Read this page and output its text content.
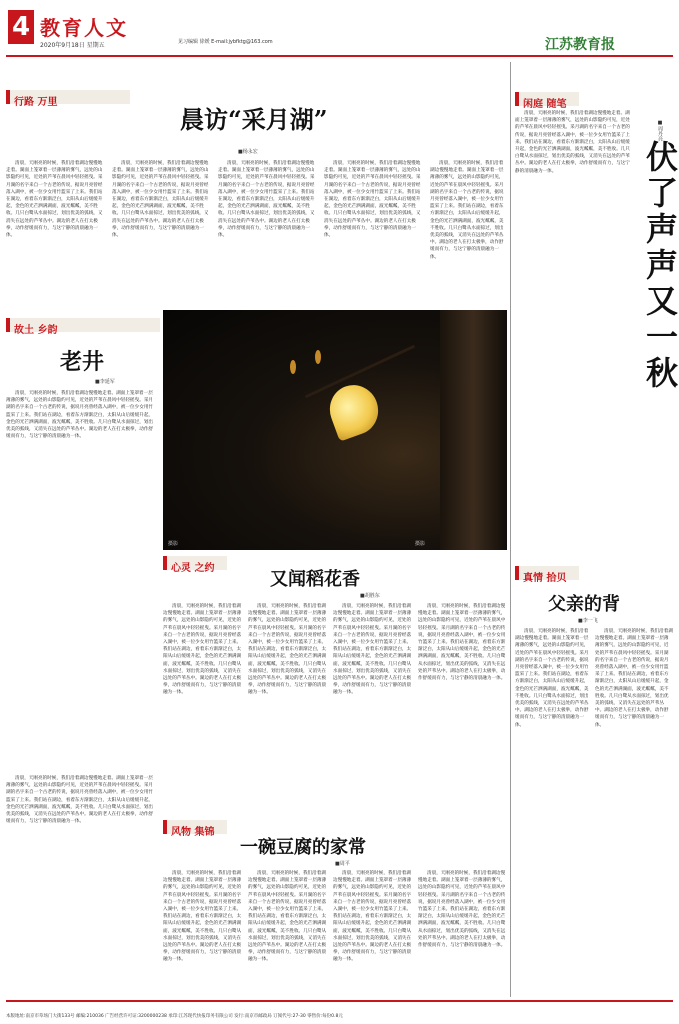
4 教育人文
2020年9月18日 星期五	见习编辑 徐媛 E-mail:jybfktg@163.com	江苏教育报
行路 万里
晨访“采月湖”
■杨永宏
清晨，天刚亮的时候，我们沿着湖边慢慢地走着。湖面上笼罩着一层薄薄的雾气，远处的山影隐约可见，近处的芦苇在晨风中轻轻摇曳。采月湖的名字来自一个古老的传说，据说月亮曾经落入湖中，被一位少女用竹篮采了上来。我们站在湖边，看着东方渐渐泛白，太阳从山后缓缓升起，金色的光芒洒满湖面，波光粼粼，美不胜收。几只白鹭从水面掠过，划出优美的弧线，又消失在远处的芦苇丛中。湖边的老人在打太极拳，动作舒缓而有力，与这宁静的清晨融为一体。
清晨，天刚亮的时候，我们沿着湖边慢慢地走着。湖面上笼罩着一层薄薄的雾气，远处的山影隐约可见，近处的芦苇在晨风中轻轻摇曳。采月湖的名字来自一个古老的传说，据说月亮曾经落入湖中，被一位少女用竹篮采了上来。我们站在湖边，看着东方渐渐泛白，太阳从山后缓缓升起，金色的光芒洒满湖面，波光粼粼，美不胜收。几只白鹭从水面掠过，划出优美的弧线，又消失在远处的芦苇丛中。湖边的老人在打太极拳，动作舒缓而有力，与这宁静的清晨融为一体。
清晨，天刚亮的时候，我们沿着湖边慢慢地走着。湖面上笼罩着一层薄薄的雾气，远处的山影隐约可见，近处的芦苇在晨风中轻轻摇曳。采月湖的名字来自一个古老的传说，据说月亮曾经落入湖中，被一位少女用竹篮采了上来。我们站在湖边，看着东方渐渐泛白，太阳从山后缓缓升起，金色的光芒洒满湖面，波光粼粼，美不胜收。几只白鹭从水面掠过，划出优美的弧线，又消失在远处的芦苇丛中。湖边的老人在打太极拳，动作舒缓而有力，与这宁静的清晨融为一体。
清晨，天刚亮的时候，我们沿着湖边慢慢地走着。湖面上笼罩着一层薄薄的雾气，远处的山影隐约可见，近处的芦苇在晨风中轻轻摇曳。采月湖的名字来自一个古老的传说，据说月亮曾经落入湖中，被一位少女用竹篮采了上来。我们站在湖边，看着东方渐渐泛白，太阳从山后缓缓升起，金色的光芒洒满湖面，波光粼粼，美不胜收。几只白鹭从水面掠过，划出优美的弧线，又消失在远处的芦苇丛中。湖边的老人在打太极拳，动作舒缓而有力，与这宁静的清晨融为一体。
清晨，天刚亮的时候，我们沿着湖边慢慢地走着。湖面上笼罩着一层薄薄的雾气，远处的山影隐约可见，近处的芦苇在晨风中轻轻摇曳。采月湖的名字来自一个古老的传说，据说月亮曾经落入湖中，被一位少女用竹篮采了上来。我们站在湖边，看着东方渐渐泛白，太阳从山后缓缓升起，金色的光芒洒满湖面，波光粼粼，美不胜收。几只白鹭从水面掠过，划出优美的弧线，又消失在远处的芦苇丛中。湖边的老人在打太极拳，动作舒缓而有力，与这宁静的清晨融为一体。
故土 乡韵
老井
■李延军
清晨，天刚亮的时候，我们沿着湖边慢慢地走着。湖面上笼罩着一层薄薄的雾气，远处的山影隐约可见，近处的芦苇在晨风中轻轻摇曳。采月湖的名字来自一个古老的传说，据说月亮曾经落入湖中，被一位少女用竹篮采了上来。我们站在湖边，看着东方渐渐泛白，太阳从山后缓缓升起，金色的光芒洒满湖面，波光粼粼，美不胜收。几只白鹭从水面掠过，划出优美的弧线，又消失在远处的芦苇丛中。湖边的老人在打太极拳，动作舒缓而有力，与这宁静的清晨融为一体。
摄影	摄影
心灵 之约
又闻稻花香
■胡胜东
清晨，天刚亮的时候，我们沿着湖边慢慢地走着。湖面上笼罩着一层薄薄的雾气，远处的山影隐约可见，近处的芦苇在晨风中轻轻摇曳。采月湖的名字来自一个古老的传说，据说月亮曾经落入湖中，被一位少女用竹篮采了上来。我们站在湖边，看着东方渐渐泛白，太阳从山后缓缓升起，金色的光芒洒满湖面，波光粼粼，美不胜收。几只白鹭从水面掠过，划出优美的弧线，又消失在远处的芦苇丛中。湖边的老人在打太极拳，动作舒缓而有力，与这宁静的清晨融为一体。
清晨，天刚亮的时候，我们沿着湖边慢慢地走着。湖面上笼罩着一层薄薄的雾气，远处的山影隐约可见，近处的芦苇在晨风中轻轻摇曳。采月湖的名字来自一个古老的传说，据说月亮曾经落入湖中，被一位少女用竹篮采了上来。我们站在湖边，看着东方渐渐泛白，太阳从山后缓缓升起，金色的光芒洒满湖面，波光粼粼，美不胜收。几只白鹭从水面掠过，划出优美的弧线，又消失在远处的芦苇丛中。湖边的老人在打太极拳，动作舒缓而有力，与这宁静的清晨融为一体。
清晨，天刚亮的时候，我们沿着湖边慢慢地走着。湖面上笼罩着一层薄薄的雾气，远处的山影隐约可见，近处的芦苇在晨风中轻轻摇曳。采月湖的名字来自一个古老的传说，据说月亮曾经落入湖中，被一位少女用竹篮采了上来。我们站在湖边，看着东方渐渐泛白，太阳从山后缓缓升起，金色的光芒洒满湖面，波光粼粼，美不胜收。几只白鹭从水面掠过，划出优美的弧线，又消失在远处的芦苇丛中。湖边的老人在打太极拳，动作舒缓而有力，与这宁静的清晨融为一体。
清晨，天刚亮的时候，我们沿着湖边慢慢地走着。湖面上笼罩着一层薄薄的雾气，远处的山影隐约可见，近处的芦苇在晨风中轻轻摇曳。采月湖的名字来自一个古老的传说，据说月亮曾经落入湖中，被一位少女用竹篮采了上来。我们站在湖边，看着东方渐渐泛白，太阳从山后缓缓升起，金色的光芒洒满湖面，波光粼粼，美不胜收。几只白鹭从水面掠过，划出优美的弧线，又消失在远处的芦苇丛中。湖边的老人在打太极拳，动作舒缓而有力，与这宁静的清晨融为一体。
风物 集锦
一碗豆腐的家常
■周平
清晨，天刚亮的时候，我们沿着湖边慢慢地走着。湖面上笼罩着一层薄薄的雾气，远处的山影隐约可见，近处的芦苇在晨风中轻轻摇曳。采月湖的名字来自一个古老的传说，据说月亮曾经落入湖中，被一位少女用竹篮采了上来。我们站在湖边，看着东方渐渐泛白，太阳从山后缓缓升起，金色的光芒洒满湖面，波光粼粼，美不胜收。几只白鹭从水面掠过，划出优美的弧线，又消失在远处的芦苇丛中。湖边的老人在打太极拳，动作舒缓而有力，与这宁静的清晨融为一体。
清晨，天刚亮的时候，我们沿着湖边慢慢地走着。湖面上笼罩着一层薄薄的雾气，远处的山影隐约可见，近处的芦苇在晨风中轻轻摇曳。采月湖的名字来自一个古老的传说，据说月亮曾经落入湖中，被一位少女用竹篮采了上来。我们站在湖边，看着东方渐渐泛白，太阳从山后缓缓升起，金色的光芒洒满湖面，波光粼粼，美不胜收。几只白鹭从水面掠过，划出优美的弧线，又消失在远处的芦苇丛中。湖边的老人在打太极拳，动作舒缓而有力，与这宁静的清晨融为一体。
清晨，天刚亮的时候，我们沿着湖边慢慢地走着。湖面上笼罩着一层薄薄的雾气，远处的山影隐约可见，近处的芦苇在晨风中轻轻摇曳。采月湖的名字来自一个古老的传说，据说月亮曾经落入湖中，被一位少女用竹篮采了上来。我们站在湖边，看着东方渐渐泛白，太阳从山后缓缓升起，金色的光芒洒满湖面，波光粼粼，美不胜收。几只白鹭从水面掠过，划出优美的弧线，又消失在远处的芦苇丛中。湖边的老人在打太极拳，动作舒缓而有力，与这宁静的清晨融为一体。
清晨，天刚亮的时候，我们沿着湖边慢慢地走着。湖面上笼罩着一层薄薄的雾气，远处的山影隐约可见，近处的芦苇在晨风中轻轻摇曳。采月湖的名字来自一个古老的传说，据说月亮曾经落入湖中，被一位少女用竹篮采了上来。我们站在湖边，看着东方渐渐泛白，太阳从山后缓缓升起，金色的光芒洒满湖面，波光粼粼，美不胜收。几只白鹭从水面掠过，划出优美的弧线，又消失在远处的芦苇丛中。湖边的老人在打太极拳，动作舒缓而有力，与这宁静的清晨融为一体。
清晨，天刚亮的时候，我们沿着湖边慢慢地走着。湖面上笼罩着一层薄薄的雾气，远处的山影隐约可见，近处的芦苇在晨风中轻轻摇曳。采月湖的名字来自一个古老的传说，据说月亮曾经落入湖中，被一位少女用竹篮采了上来。我们站在湖边，看着东方渐渐泛白，太阳从山后缓缓升起，金色的光芒洒满湖面，波光粼粼，美不胜收。几只白鹭从水面掠过，划出优美的弧线，又消失在远处的芦苇丛中。湖边的老人在打太极拳，动作舒缓而有力，与这宁静的清晨融为一体。
闲庭 随笔
清晨，天刚亮的时候，我们沿着湖边慢慢地走着。湖面上笼罩着一层薄薄的雾气，远处的山影隐约可见，近处的芦苇在晨风中轻轻摇曳。采月湖的名字来自一个古老的传说，据说月亮曾经落入湖中，被一位少女用竹篮采了上来。我们站在湖边，看着东方渐渐泛白，太阳从山后缓缓升起，金色的光芒洒满湖面，波光粼粼，美不胜收。几只白鹭从水面掠过，划出优美的弧线，又消失在远处的芦苇丛中。湖边的老人在打太极拳，动作舒缓而有力，与这宁静的清晨融为一体。	伏了声声又一秋
■周丹亮
真情 拾贝
父亲的背
■李一飞
清晨，天刚亮的时候，我们沿着湖边慢慢地走着。湖面上笼罩着一层薄薄的雾气，远处的山影隐约可见，近处的芦苇在晨风中轻轻摇曳。采月湖的名字来自一个古老的传说，据说月亮曾经落入湖中，被一位少女用竹篮采了上来。我们站在湖边，看着东方渐渐泛白，太阳从山后缓缓升起，金色的光芒洒满湖面，波光粼粼，美不胜收。几只白鹭从水面掠过，划出优美的弧线，又消失在远处的芦苇丛中。湖边的老人在打太极拳，动作舒缓而有力，与这宁静的清晨融为一体。
清晨，天刚亮的时候，我们沿着湖边慢慢地走着。湖面上笼罩着一层薄薄的雾气，远处的山影隐约可见，近处的芦苇在晨风中轻轻摇曳。采月湖的名字来自一个古老的传说，据说月亮曾经落入湖中，被一位少女用竹篮采了上来。我们站在湖边，看着东方渐渐泛白，太阳从山后缓缓升起，金色的光芒洒满湖面，波光粼粼，美不胜收。几只白鹭从水面掠过，划出优美的弧线，又消失在远处的芦苇丛中。湖边的老人在打太极拳，动作舒缓而有力，与这宁静的清晨融为一体。
本版地址:南京市草场门大街133号 邮编:210036 广告经营许可证:3200000238 承印:江苏现代快报印务有限公司 发行:南京市邮政局 订阅代号:27-30 零售价:每份0.8元
